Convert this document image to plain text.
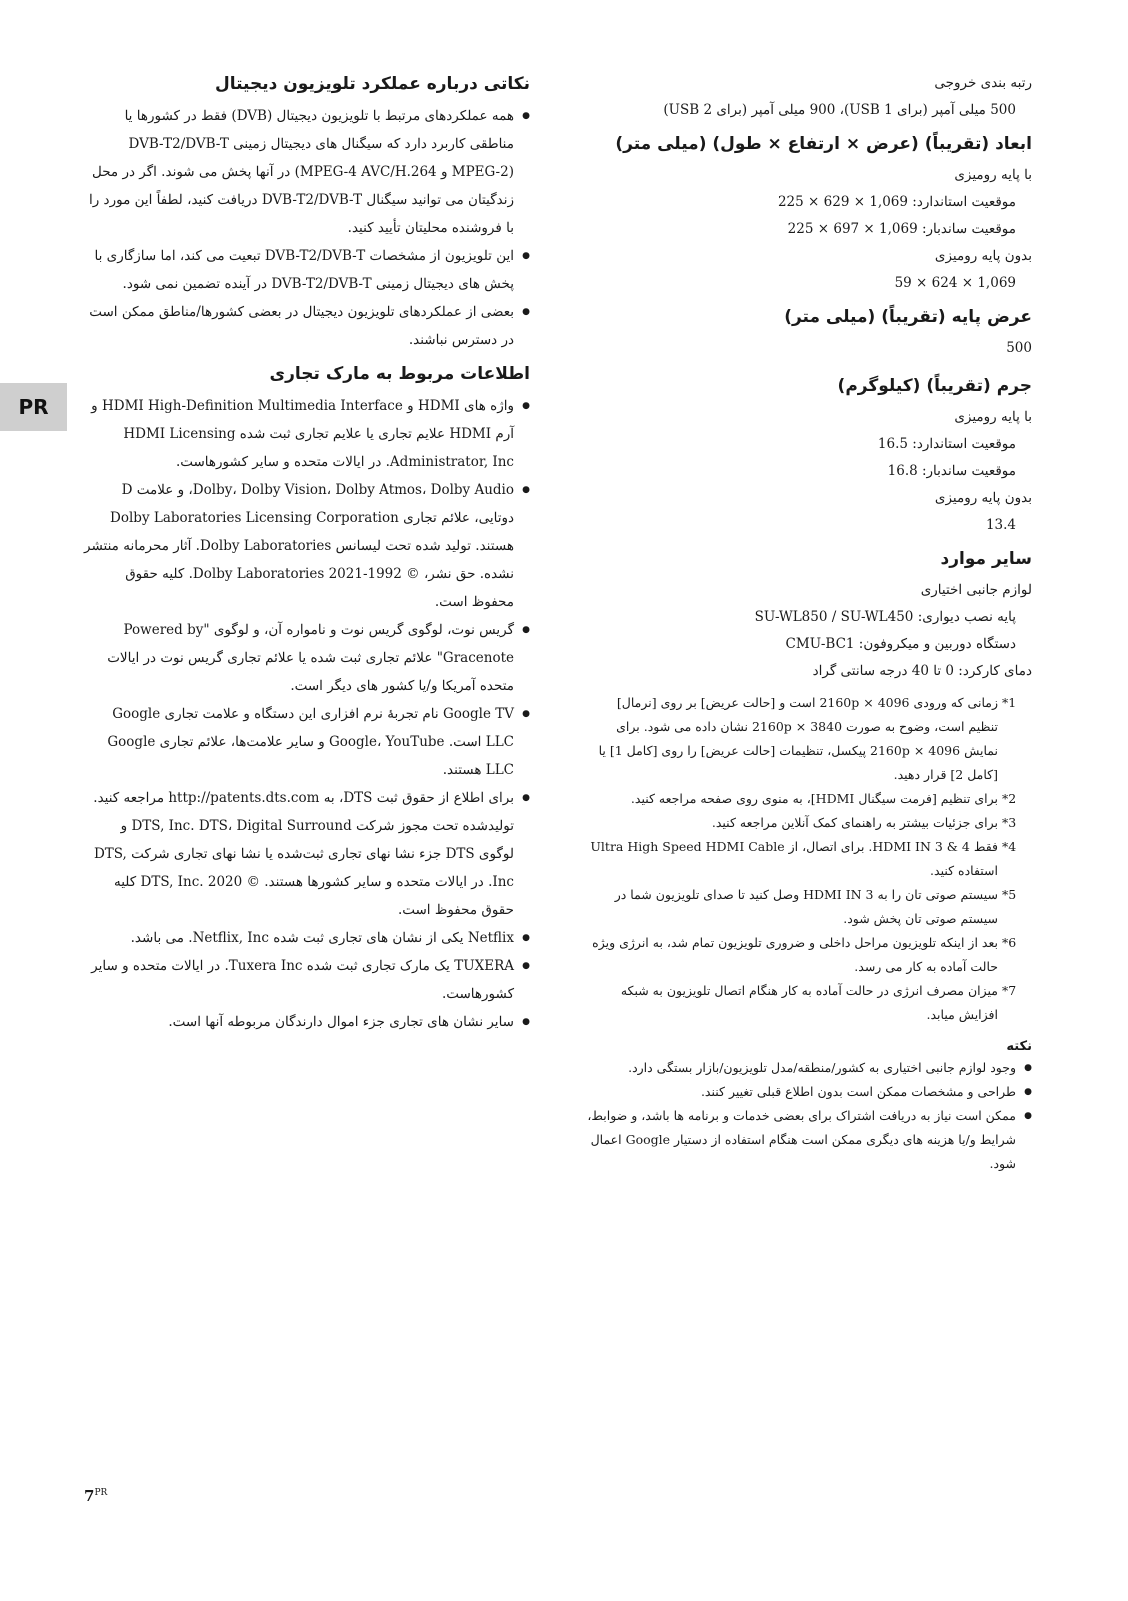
PR

رتبه بندی خروجی

500 میلی آمپر (برای USB 1)، 900 میلی آمپر (برای USB 2)

ابعاد (تقریباً) (عرض × ارتفاع × طول) (میلی متر)

با پایه رومیزی

موقعیت استاندارد: 1,069 × 629 × 225

موقعیت ساندبار: 1,069 × 697 × 225

بدون پایه رومیزی

1,069 × 624 × 59

عرض پایه (تقریباً) (میلی متر)

500

جرم (تقریباً) (کیلوگرم)

با پایه رومیزی

موقعیت استاندارد: 16.5

موقعیت ساندبار: 16.8

بدون پایه رومیزی

13.4

سایر موارد

لوازم جانبی اختیاری

پایه نصب دیواری: SU-WL850 / SU-WL450

دستگاه دوربین و میکروفون: CMU-BC1

دمای کارکرد: 0 تا 40 درجه سانتی گراد

*1
زمانی که ورودی 4096 × 2160p است و [حالت عریض] بر روی [نرمال] تنظیم است، وضوح به صورت 3840 × 2160p نشان داده می شود. برای نمایش 4096 × 2160p پیکسل، تنظیمات [حالت عریض] را روی [کامل 1] یا [کامل 2] قرار دهید.
*2
برای تنظیم [فرمت سیگنال HDMI]، به منوی روی صفحه مراجعه کنید.
*3
برای جزئیات بیشتر به راهنمای کمک آنلاین مراجعه کنید.
*4
فقط HDMI IN 3 & 4. برای اتصال، از Ultra High Speed HDMI Cable استفاده کنید.
*5
سیستم صوتی تان را به HDMI IN 3 وصل کنید تا صدای تلویزیون شما در سیستم صوتی تان پخش شود.
*6
بعد از اینکه تلویزیون مراحل داخلی و ضروری تلویزیون تمام شد، به انرژی ویژه حالت آماده به کار می رسد.
*7
میزان مصرف انرژی در حالت آماده به کار هنگام اتصال تلویزیون به شبکه افزایش میابد.
نکته
● وجود لوازم جانبی اختیاری به کشور/منطقه/مدل تلویزیون/بازار بستگی دارد.
● طراحی و مشخصات ممکن است بدون اطلاع قبلی تغییر کنند.
● ممکن است نیاز به دریافت اشتراک برای بعضی خدمات و برنامه ها باشد، و ضوابط، شرایط و/یا هزینه های دیگری ممکن است هنگام استفاده از دستیار Google اعمال شود.
نکاتی درباره عملکرد تلویزیون دیجیتال
● همه عملکردهای مرتبط با تلویزیون دیجیتال (DVB) فقط در کشورها یا مناطقی کاربرد دارد که سیگنال های دیجیتال زمینی DVB-T2/DVB-T (MPEG-2 و MPEG-4 AVC/H.264) در آنها پخش می شوند. اگر در محل زندگیتان می توانید سیگنال DVB-T2/DVB-T دریافت کنید، لطفاً این مورد را با فروشنده محلیتان تأیید کنید.
● این تلویزیون از مشخصات DVB-T2/DVB-T تبعیت می کند، اما سازگاری با پخش های دیجیتال زمینی DVB-T2/DVB-T در آینده تضمین نمی شود.
● بعضی از عملکردهای تلویزیون دیجیتال در بعضی کشورها/مناطق ممکن است در دسترس نباشند.
اطلاعات مربوط به مارک تجاری
● واژه های HDMI و HDMI High-Definition Multimedia Interface و آرم HDMI علایم تجاری یا علایم تجاری ثبت شده HDMI Licensing Administrator, Inc. در ایالات متحده و سایر کشورهاست.
● Dolby، Dolby Vision، Dolby Atmos، Dolby Audio، و علامت D دوتایی، علائم تجاری Dolby Laboratories Licensing Corporation هستند. تولید شده تحت لیسانس Dolby Laboratories. آثار محرمانه منتشر نشده. حق نشر، © 1992-2021 Dolby Laboratories. کلیه حقوق محفوظ است.
● گریس نوت، لوگوی گریس نوت و نامواره آن، و لوگوی "Powered by Gracenote" علائم تجاری ثبت شده یا علائم تجاری گریس نوت در ایالات متحده آمریکا و/یا کشور های دیگر است.
● Google TV نام تجربهٔ نرم افزاری این دستگاه و علامت تجاری Google LLC است. Google، YouTube و سایر علامت‌ها، علائم تجاری Google LLC هستند.
● برای اطلاع از حقوق ثبت DTS، به http://patents.dts.com مراجعه کنید. تولیدشده تحت مجوز شرکت DTS, Inc. DTS، Digital Surround و لوگوی DTS جزء نشا نهای تجاری ثبت‌شده یا نشا نهای تجاری شرکت DTS, Inc. در ایالات متحده و سایر کشورها هستند. © DTS, Inc. 2020 کلیه حقوق محفوظ است.
● Netflix یکی از نشان های تجاری ثبت شده Netflix, Inc. می باشد.
● TUXERA یک مارک تجاری ثبت شده Tuxera Inc. در ایالات متحده و سایر کشورهاست.
● سایر نشان های تجاری جزء اموال دارندگان مربوطه آنها است.
$7^{PR}$
